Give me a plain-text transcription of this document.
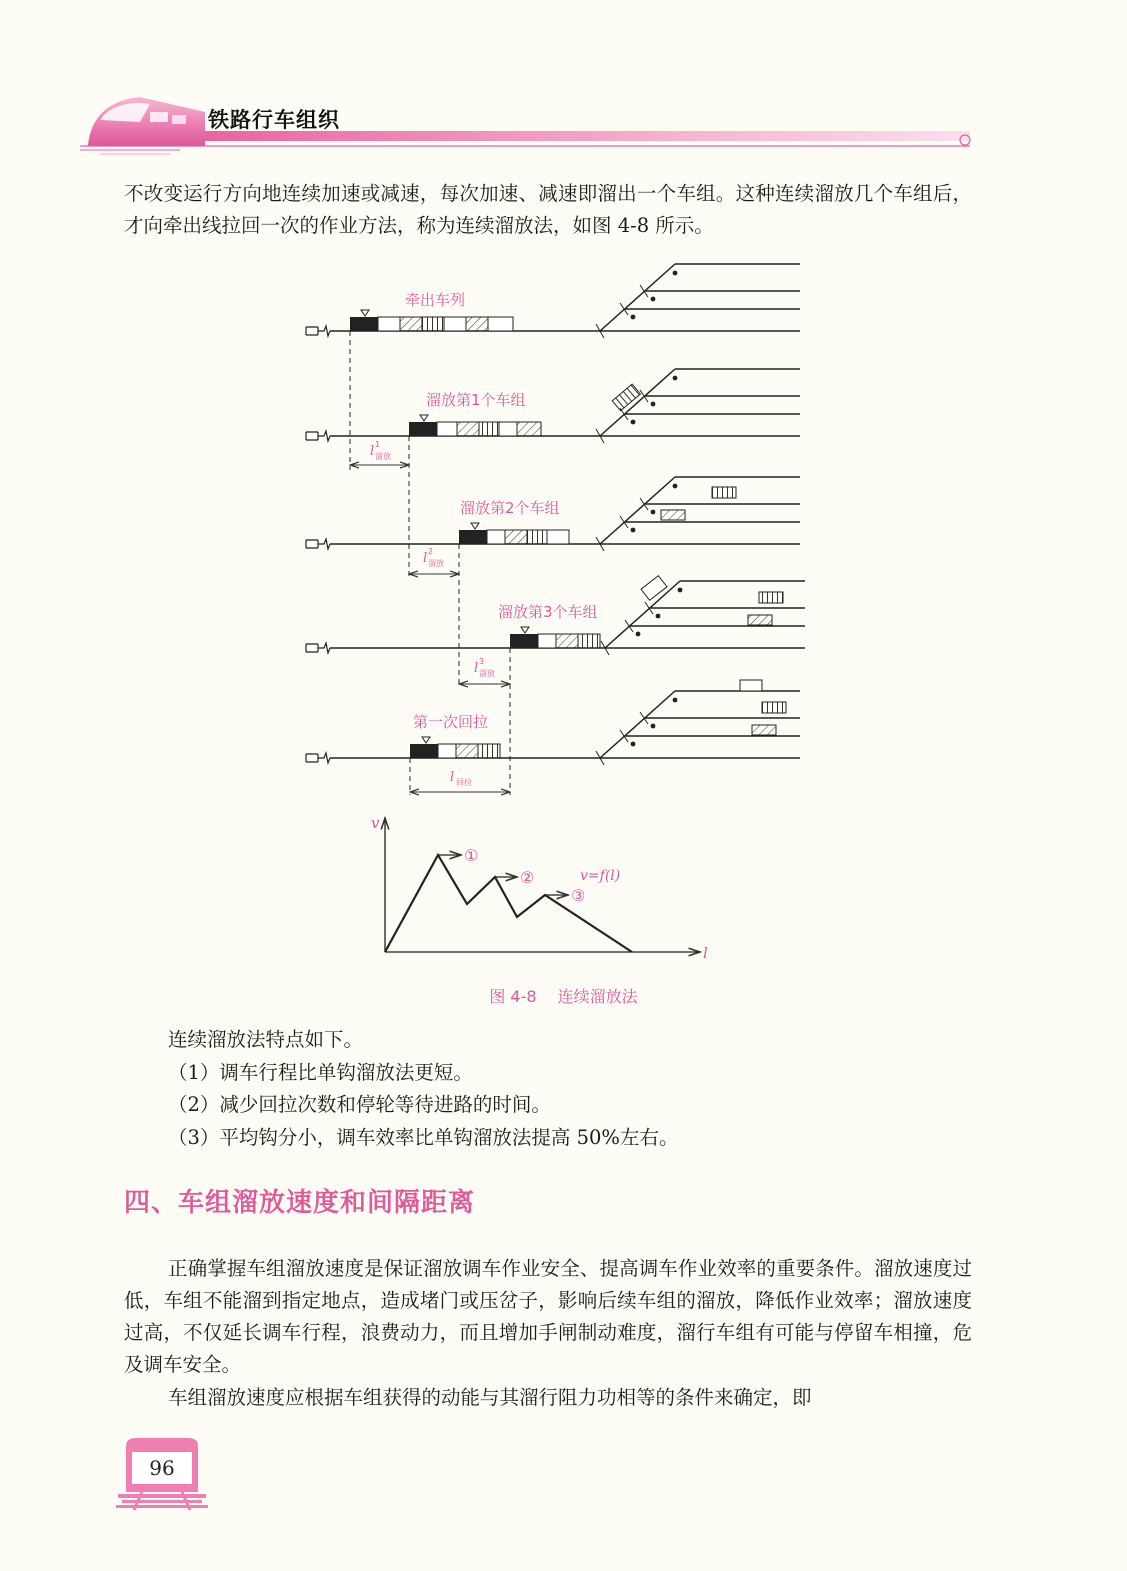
铁路行车组织
不改变运行方向地连续加速或减速，每次加速、减速即溜出一个车组。这种连续溜放几个车组后，才向牵出线拉回一次的作业方法，称为连续溜放法，如图 4-8 所示。
牵出车列
溜放第1个车组
l 1
溜放
溜放第2个车组
l 2
溜放
溜放第3个车组
l 3
溜放
第一次回拉
l 回拉
v
l
①
②
③
v=f(l)
图 4-8 连续溜放法
连续溜放法特点如下。
（1）调车行程比单钩溜放法更短。
（2）减少回拉次数和停轮等待进路的时间。
（3）平均钩分小，调车效率比单钩溜放法提高 50%左右。
四、车组溜放速度和间隔距离
正确掌握车组溜放速度是保证溜放调车作业安全、提高调车作业效率的重要条件。溜放速度过低，车组不能溜到指定地点，造成堵门或压岔子，影响后续车组的溜放，降低作业效率；溜放速度过高，不仅延长调车行程，浪费动力，而且增加手闸制动难度，溜行车组有可能与停留车相撞，危及调车安全。
车组溜放速度应根据车组获得的动能与其溜行阻力功相等的条件来确定，即
96
